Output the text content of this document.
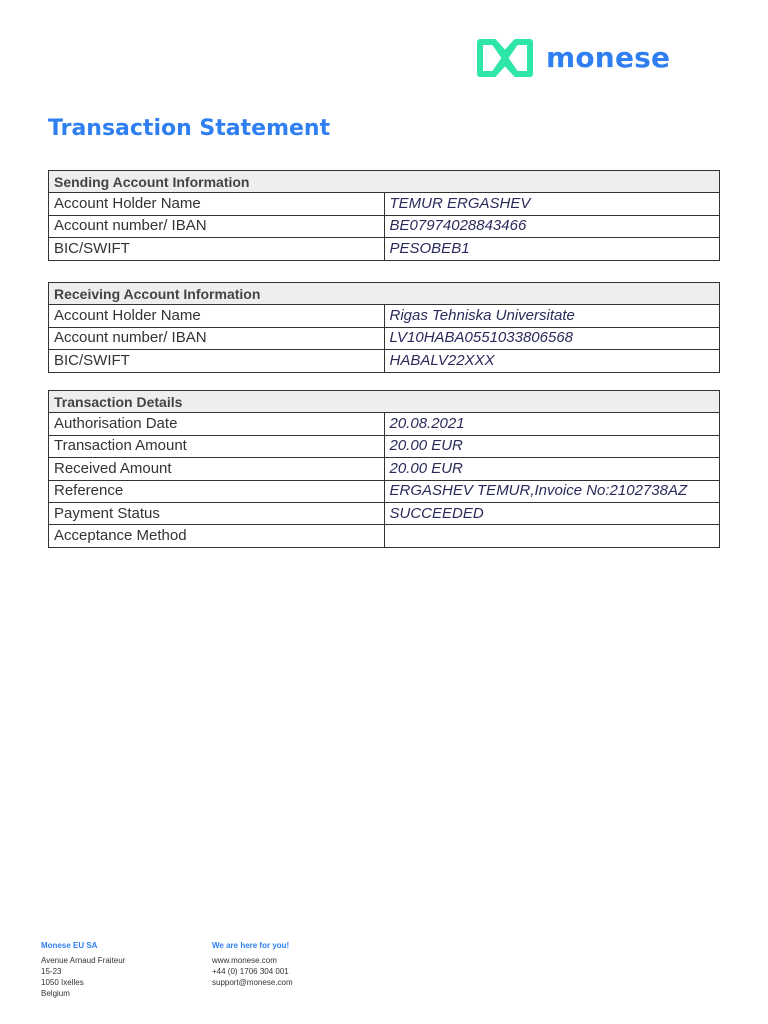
monese
Transaction Statement
Sending Account Information	
Account Holder Name	TEMUR ERGASHEV
Account number/ IBAN	BE07974028843466
BIC/SWIFT	PESOBEB1
Receiving Account Information	
Account Holder Name	Rigas Tehniska Universitate
Account number/ IBAN	LV10HABA0551033806568
BIC/SWIFT	HABALV22XXX
Transaction Details	
Authorisation Date	20.08.2021
Transaction Amount	20.00 EUR
Received Amount	20.00 EUR
Reference	ERGASHEV TEMUR,Invoice No:2102738AZ
Payment Status	SUCCEEDED
Acceptance Method	
Monese EU SA
Avenue Arnaud Fraiteur
15-23
1050 Ixelles
Belgium
We are here for you!
www.monese.com
+44 (0) 1706 304 001
support@monese.com
